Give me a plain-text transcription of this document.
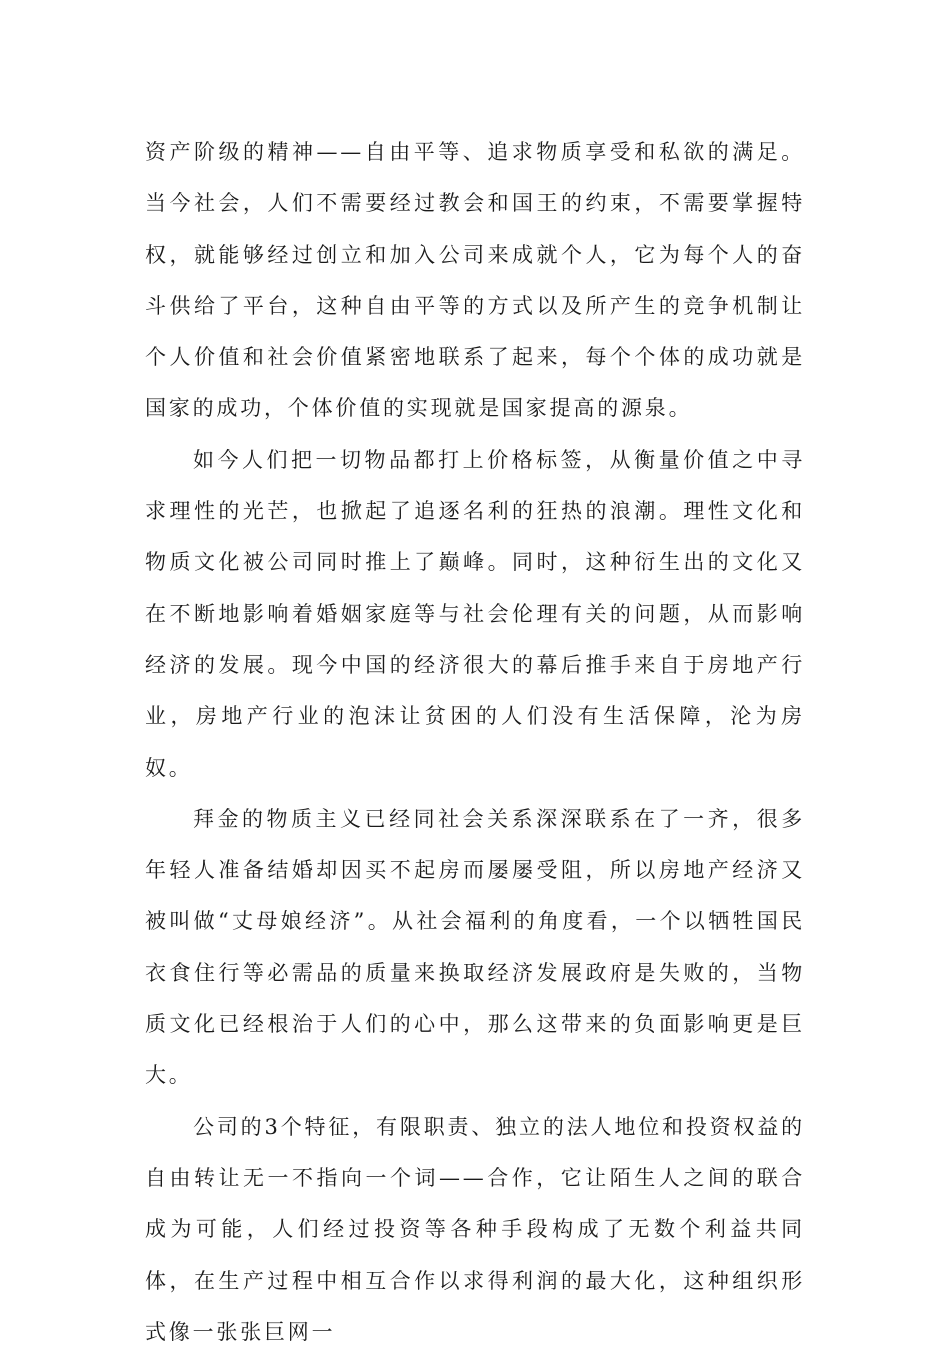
资产阶级的精神——自由平等、追求物质享受和私欲的满足。当今社会，人们不需要经过教会和国王的约束，不需要掌握特权，就能够经过创立和加入公司来成就个人，它为每个人的奋斗供给了平台，这种自由平等的方式以及所产生的竞争机制让个人价值和社会价值紧密地联系了起来，每个个体的成功就是国家的成功，个体价值的实现就是国家提高的源泉。

如今人们把一切物品都打上价格标签，从衡量价值之中寻求理性的光芒，也掀起了追逐名利的狂热的浪潮。理性文化和物质文化被公司同时推上了巅峰。同时，这种衍生出的文化又在不断地影响着婚姻家庭等与社会伦理有关的问题，从而影响经济的发展。现今中国的经济很大的幕后推手来自于房地产行业，房地产行业的泡沫让贫困的人们没有生活保障，沦为房奴。

拜金的物质主义已经同社会关系深深联系在了一齐，很多年轻人准备结婚却因买不起房而屡屡受阻，所以房地产经济又被叫做“丈母娘经济”。从社会福利的角度看，一个以牺牲国民衣食住行等必需品的质量来换取经济发展政府是失败的，当物质文化已经根治于人们的心中，那么这带来的负面影响更是巨大。

公司的3个特征，有限职责、独立的法人地位和投资权益的自由转让无一不指向一个词——合作，它让陌生人之间的联合成为可能，人们经过投资等各种手段构成了无数个利益共同体，在生产过程中相互合作以求得利润的最大化，这种组织形式像一张张巨网一
